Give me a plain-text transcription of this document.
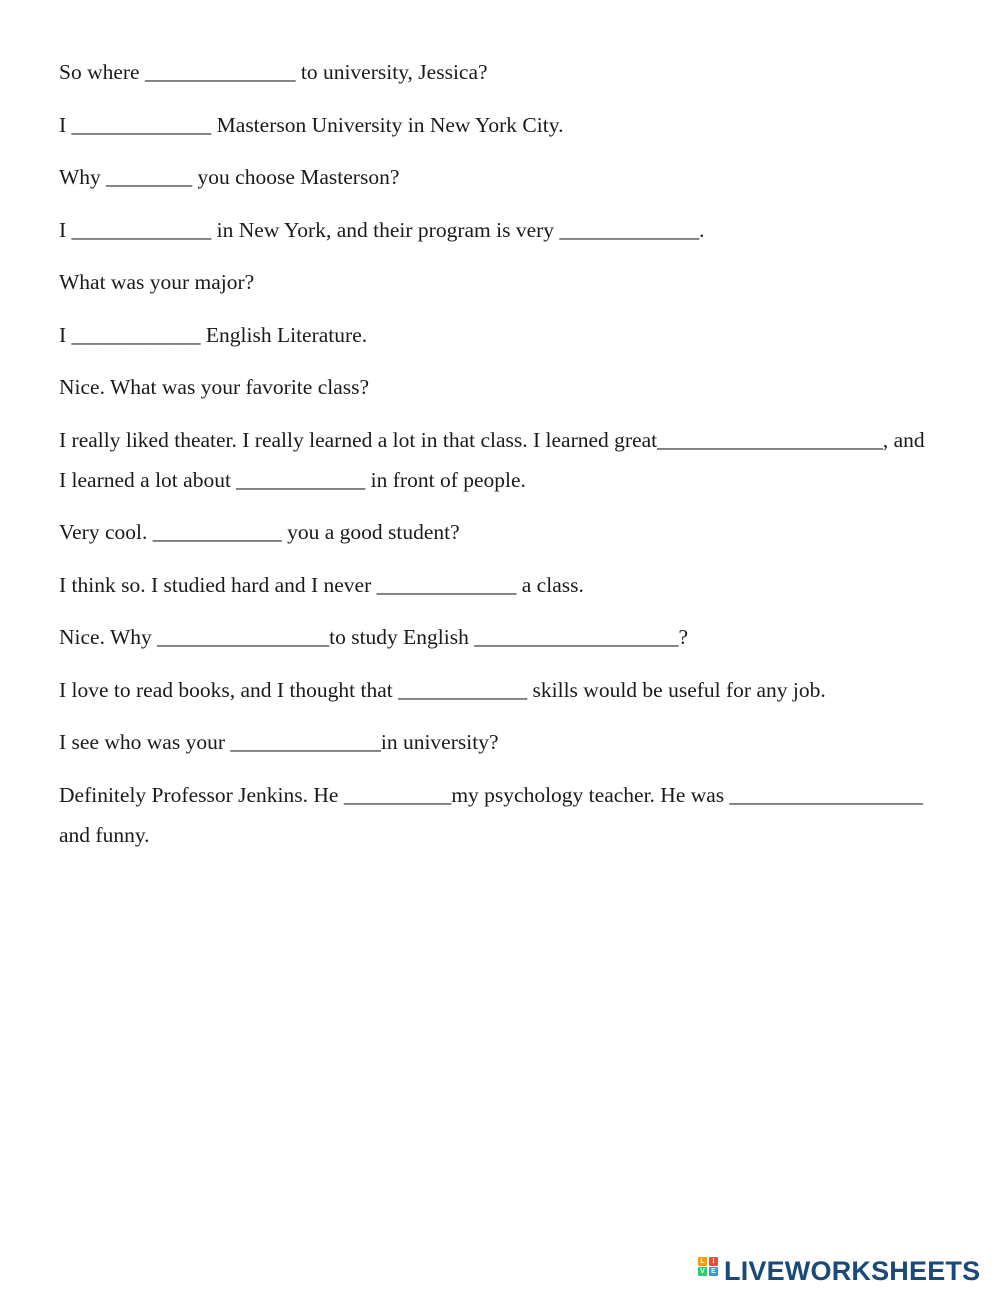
So where ______________ to university, Jessica?

I _____________ Masterson University in New York City.

Why ________ you choose Masterson?

I _____________ in New York, and their program is very _____________.

What was your major?

I ____________ English Literature.

Nice. What was your favorite class?

I really liked theater. I really learned a lot in that class. I learned great_____________________, and
I learned a lot about ____________ in front of people.

Very cool. ____________ you a good student?

I think so. I studied hard and I never _____________ a class.

Nice. Why ________________to study English ___________________?

I love to read books, and I thought that ____________ skills would be useful for any job.

I see who was your ______________in university?

Definitely Professor Jenkins. He __________my psychology teacher. He was __________________
and funny.

L	I
V E LIVEWORKSHEETS
